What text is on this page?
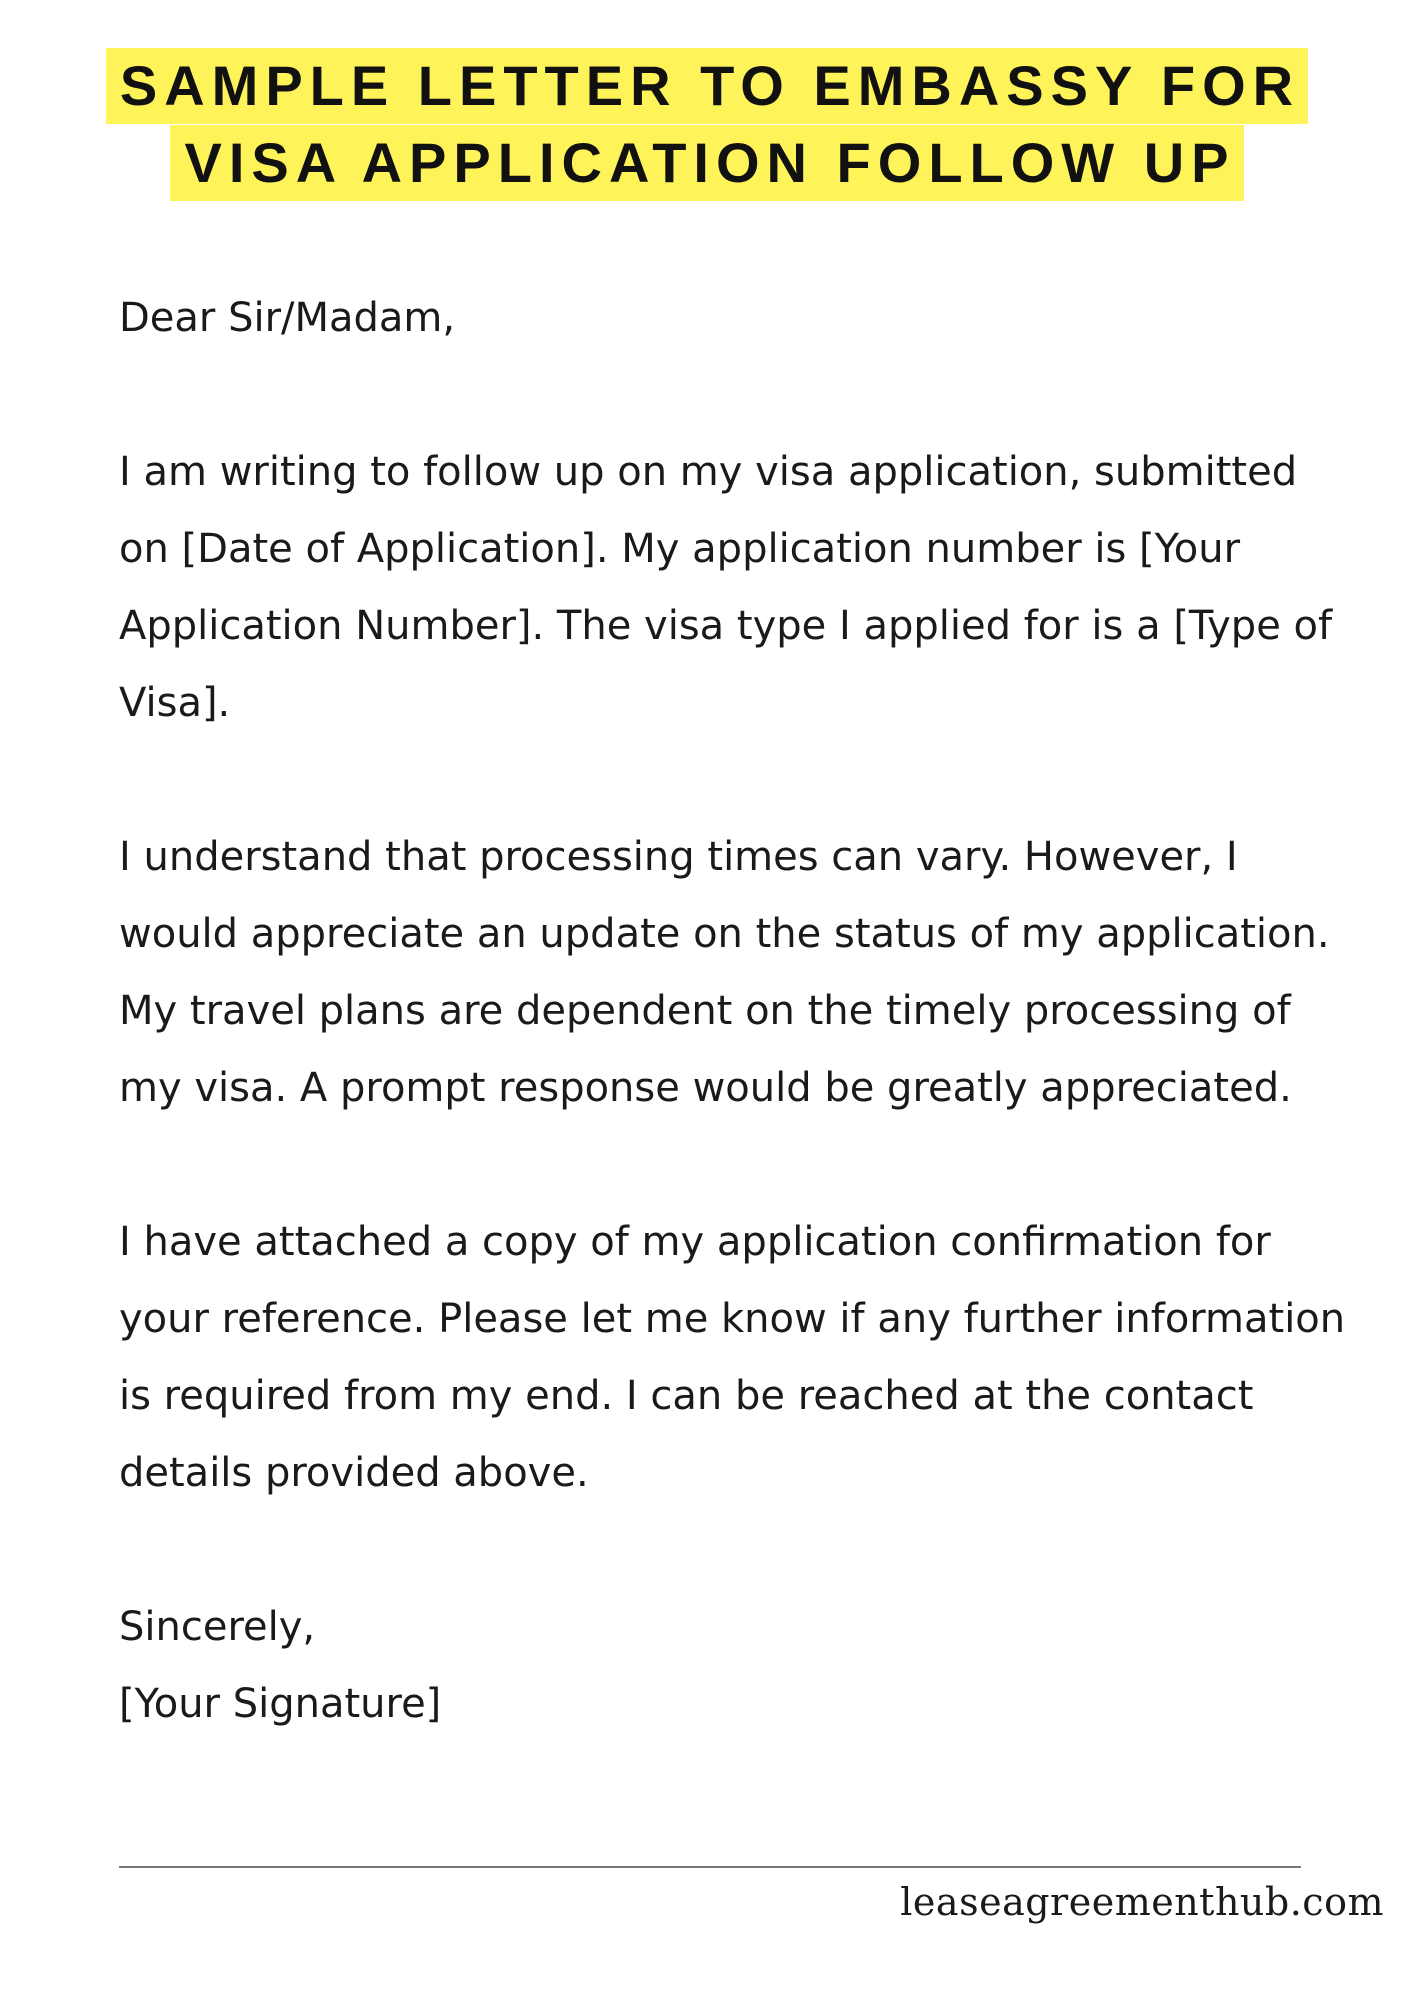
SAMPLE LETTER TO EMBASSY FOR
VISA APPLICATION FOLLOW UP

Dear Sir/Madam,

I am writing to follow up on my visa application, submitted on [Date of Application]. My application number is [Your Application Number]. The visa type I applied for is a [Type of Visa].

I understand that processing times can vary. However, I would appreciate an update on the status of my application. My travel plans are dependent on the timely processing of my visa. A prompt response would be greatly appreciated.

I have attached a copy of my application confirmation for your reference. Please let me know if any further information is required from my end. I can be reached at the contact details provided above.

Sincerely,
[Your Signature]
leaseagreementhub.com
